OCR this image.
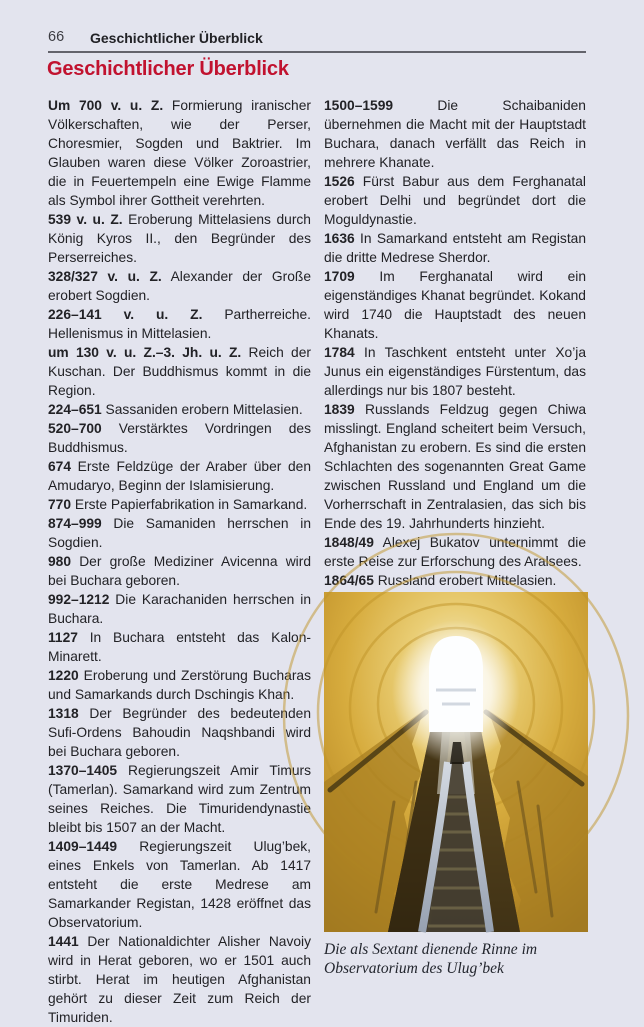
66 Geschichtlicher Überblick
Geschichtlicher Überblick

Um 700 v. u. Z. Formierung iranischer Völkerschaften, wie der Perser, Choresmier, Sogden und Baktrier. Im Glauben waren diese Völker Zoroastrier, die in Feuertempeln eine Ewige Flamme als Symbol ihrer Gottheit verehrten.

539 v. u. Z. Eroberung Mittelasiens durch König Kyros II., den Begründer des Perserreiches.

328/327 v. u. Z. Alexander der Große erobert Sogdien.

226–141 v. u. Z. Partherreiche. Hellenismus in Mittelasien.

um 130 v. u. Z.–3. Jh. u. Z. Reich der Kuschan. Der Buddhismus kommt in die Region.

224–651 Sassaniden erobern Mittelasien.

520–700 Verstärktes Vordringen des Buddhismus.

674 Erste Feldzüge der Araber über den Amudaryo, Beginn der Islamisierung.

770 Erste Papierfabrikation in Samarkand.

874–999 Die Samaniden herrschen in Sogdien.

980 Der große Mediziner Avicenna wird bei Buchara geboren.

992–1212 Die Karachaniden herrschen in Buchara.

1127 In Buchara entsteht das Kalon-Minarett.

1220 Eroberung und Zerstörung Bucharas und Samarkands durch Dschingis Khan.

1318 Der Begründer des bedeutenden Sufi-Ordens Bahoudin Naqshbandi wird bei Buchara geboren.

1370–1405 Regierungszeit Amir Timurs (Tamerlan). Samarkand wird zum Zentrum seines Reiches. Die Timuridendynastie bleibt bis 1507 an der Macht.

1409–1449 Regierungszeit Ulug’bek, eines Enkels von Tamerlan. Ab 1417 entsteht die erste Medrese am Samarkander Registan, 1428 eröffnet das Observatorium.

1441 Der Nationaldichter Alisher Navoiy wird in Herat geboren, wo er 1501 auch stirbt. Herat im heutigen Afghanistan gehört zu dieser Zeit zum Reich der Timuriden.

1500–1599 Die Schaibaniden übernehmen die Macht mit der Hauptstadt Buchara, danach verfällt das Reich in mehrere Khanate.

1526 Fürst Babur aus dem Ferghanatal erobert Delhi und begründet dort die Moguldynastie.

1636 In Samarkand entsteht am Registan die dritte Medrese Sherdor.

1709 Im Ferghanatal wird ein eigenständiges Khanat begründet. Kokand wird 1740 die Hauptstadt des neuen Khanats.

1784 In Taschkent entsteht unter Xo’ja Junus ein eigenständiges Fürstentum, das allerdings nur bis 1807 besteht.

1839 Russlands Feldzug gegen Chiwa misslingt. England scheitert beim Versuch, Afghanistan zu erobern. Es sind die ersten Schlachten des sogenannten Great Game zwischen Russland und England um die Vorherrschaft in Zentralasien, das sich bis Ende des 19. Jahrhunderts hinzieht.

1848/49 Alexej Bukatov unternimmt die erste Reise zur Erforschung des Aralsees.

1864/65 Russland erobert Mittelasien.

Die als Sextant dienende Rinne im
Observatorium des Ulug’bek
